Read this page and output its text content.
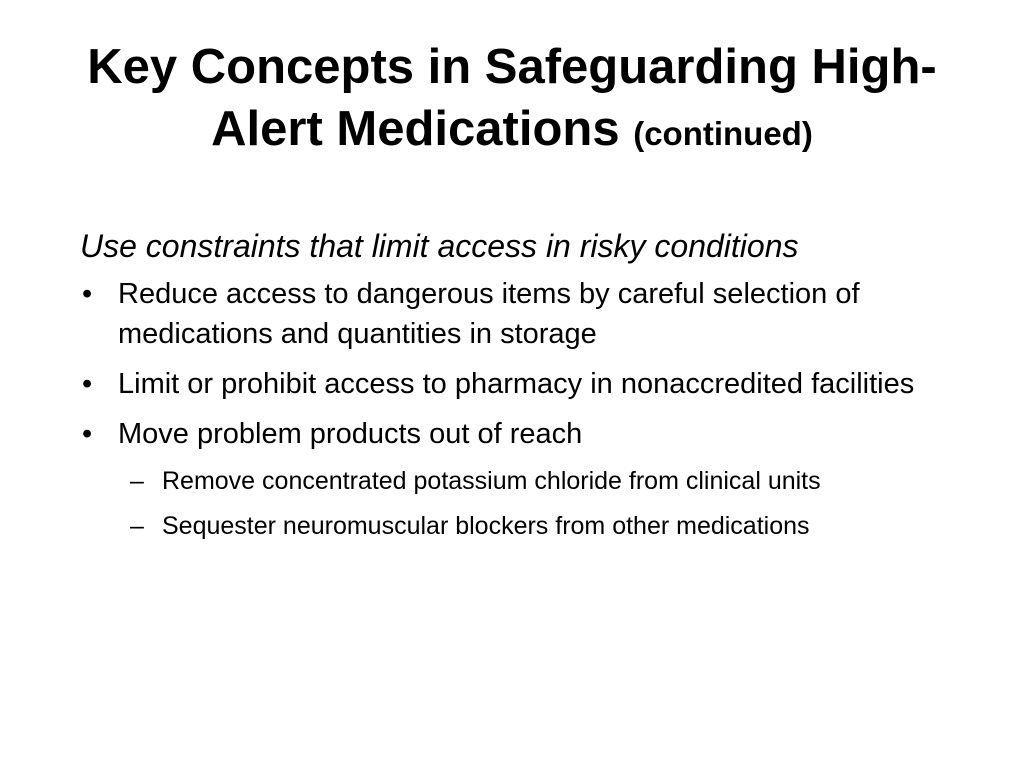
Key Concepts in Safeguarding High-Alert Medications (continued)

Use constraints that limit access in risky conditions

• Reduce access to dangerous items by careful selection of medications and quantities in storage
• Limit or prohibit access to pharmacy in nonaccredited facilities
• Move problem products out of reach
– Remove concentrated potassium chloride from clinical units
– Sequester neuromuscular blockers from other medications
